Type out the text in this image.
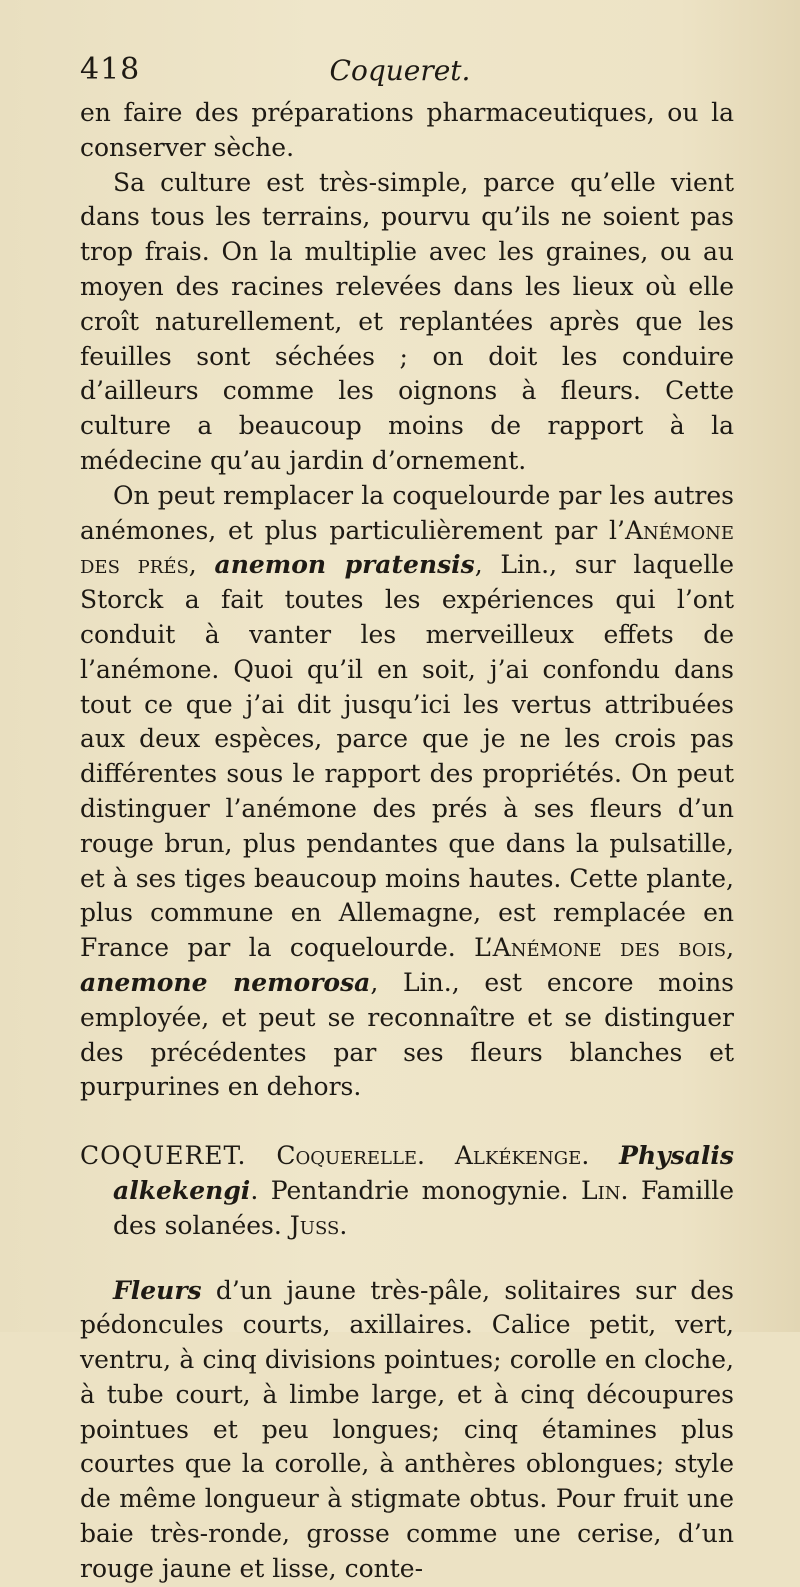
418	Coqueret.

en faire des préparations pharmaceutiques, ou la conserver sèche.

Sa culture est très-simple, parce qu’elle vient dans tous les terrains, pourvu qu’ils ne soient pas trop frais. On la multiplie avec les graines, ou au moyen des racines relevées dans les lieux où elle croît naturellement, et replantées après que les feuilles sont séchées ; on doit les conduire d’ailleurs comme les oignons à fleurs. Cette culture a beaucoup moins de rapport à la médecine qu’au jardin d’ornement.

On peut remplacer la coquelourde par les autres anémones, et plus particulièrement par l’Anémone des prés, anemon pratensis, Lin., sur laquelle Storck a fait toutes les expériences qui l’ont conduit à vanter les merveilleux effets de l’anémone. Quoi qu’il en soit, j’ai confondu dans tout ce que j’ai dit jusqu’ici les vertus attribuées aux deux espèces, parce que je ne les crois pas différentes sous le rapport des propriétés. On peut distinguer l’anémone des prés à ses fleurs d’un rouge brun, plus pendantes que dans la pulsatille, et à ses tiges beaucoup moins hautes. Cette plante, plus commune en Allemagne, est remplacée en France par la coquelourde. L’Anémone des bois, anemone nemorosa, Lin., est encore moins employée, et peut se reconnaître et se distinguer des précédentes par ses fleurs blanches et purpurines en dehors.

COQUERET. Coquerelle. Alkékenge. Physalis alkekengi. Pentandrie monogynie. Lin. Famille des solanées. Juss.

Fleurs d’un jaune très-pâle, solitaires sur des pédoncules courts, axillaires. Calice petit, vert, ventru, à cinq divisions pointues; corolle en cloche, à tube court, à limbe large, et à cinq découpures pointues et peu longues; cinq étamines plus courtes que la corolle, à anthères oblongues; style de même longueur à stigmate obtus. Pour fruit une baie très-ronde, grosse comme une cerise, d’un rouge jaune et lisse, conte-
